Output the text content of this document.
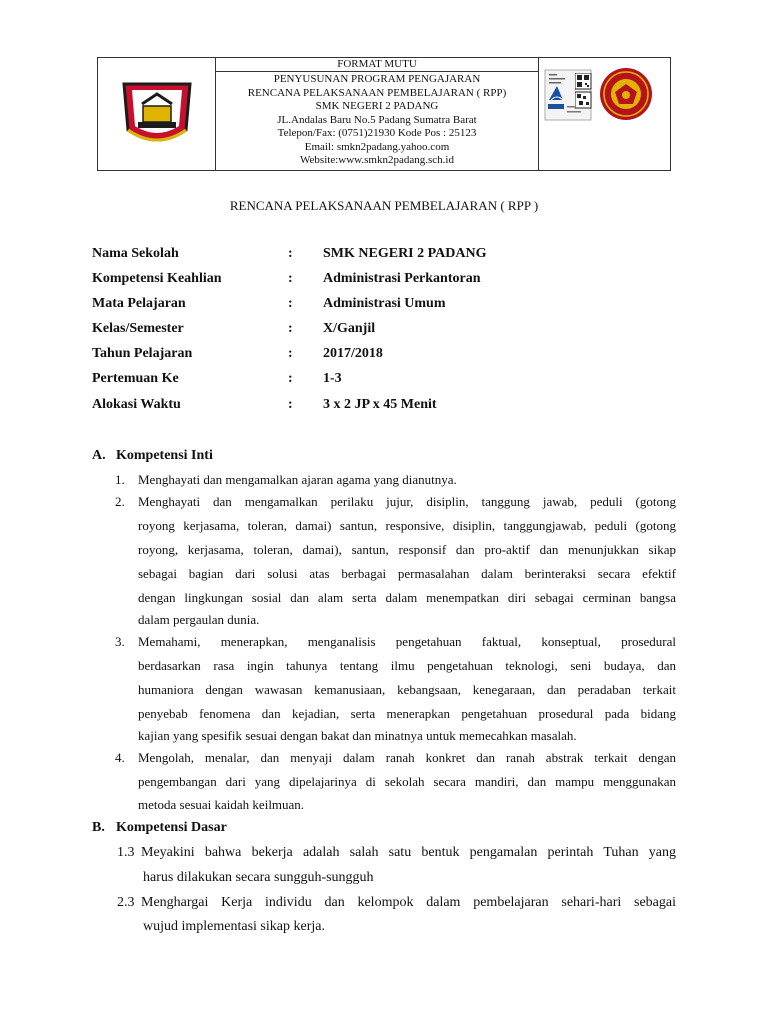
FORMAT MUTU
PENYUSUNAN PROGRAM PENGAJARAN
RENCANA PELAKSANAAN PEMBELAJARAN ( RPP)
SMK NEGERI 2 PADANG
JL.Andalas Baru No.5 Padang Sumatra Barat
Telepon/Fax: (0751)21930 Kode Pos : 25123
Email: smkn2padang.yahoo.com
Website:www.smkn2padang.sch.id
RENCANA PELAKSANAAN PEMBELAJARAN ( RPP )
Nama Sekolah	: SMK NEGERI 2 PADANG
Kompetensi Keahlian	: Administrasi Perkantoran
Mata Pelajaran	: Administrasi Umum
Kelas/Semester	: X/Ganjil
Tahun Pelajaran	: 2017/2018
Pertemuan Ke	: 1-3
Alokasi Waktu	: 3 x 2 JP x 45 Menit
A. Kompetensi Inti
1. Menghayati dan mengamalkan ajaran agama yang dianutnya.
2. Menghayati dan mengamalkan perilaku jujur, disiplin, tanggung jawab, peduli (gotong
royong kerjasama, toleran, damai) santun, responsive, disiplin, tanggungjawab, peduli (gotong
royong, kerjasama, toleran, damai), santun, responsif dan pro-aktif dan menunjukkan sikap
sebagai bagian dari solusi atas berbagai permasalahan dalam berinteraksi secara efektif
dengan lingkungan sosial dan alam serta dalam menempatkan diri sebagai cerminan bangsa
dalam pergaulan dunia.
3. Memahami, menerapkan, menganalisis pengetahuan faktual, konseptual, prosedural
berdasarkan rasa ingin tahunya tentang ilmu pengetahuan teknologi, seni budaya, dan
humaniora dengan wawasan kemanusiaan, kebangsaan, kenegaraan, dan peradaban terkait
penyebab fenomena dan kejadian, serta menerapkan pengetahuan prosedural pada bidang
kajian yang spesifik sesuai dengan bakat dan minatnya untuk memecahkan masalah.
4. Mengolah, menalar, dan menyaji dalam ranah konkret dan ranah abstrak terkait dengan
pengembangan dari yang dipelajarinya di sekolah secara mandiri, dan mampu menggunakan
metoda sesuai kaidah keilmuan.
B. Kompetensi Dasar
1.3 Meyakini bahwa bekerja adalah salah satu bentuk pengamalan perintah Tuhan yang
harus dilakukan secara sungguh-sungguh
2.3 Menghargai Kerja individu dan kelompok dalam pembelajaran sehari-hari sebagai
wujud implementasi sikap kerja.
